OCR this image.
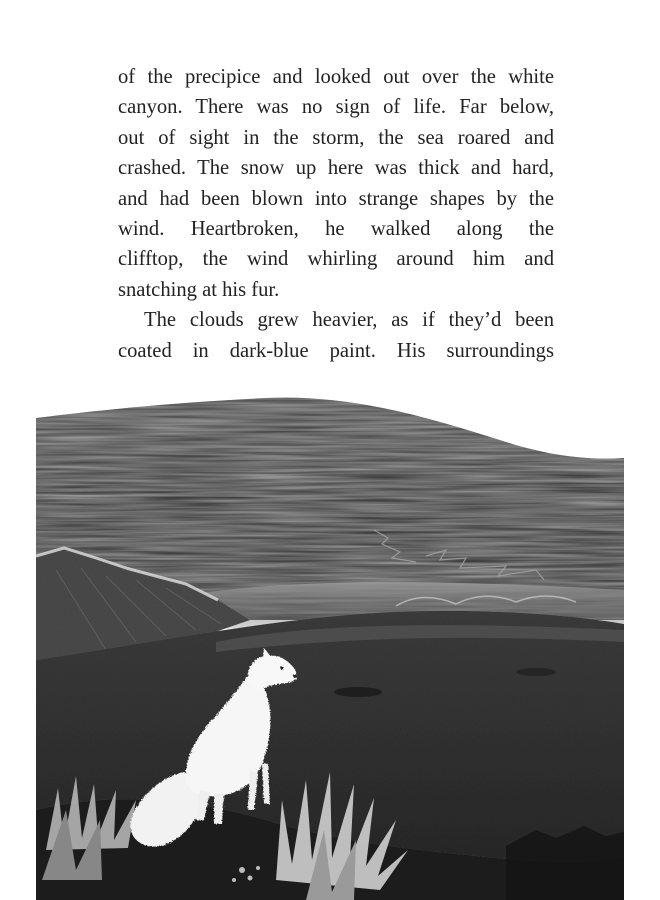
of the precipice and looked out over the white

canyon. There was no sign of life. Far below,

out of sight in the storm, the sea roared and

crashed. The snow up here was thick and hard,

and had been blown into strange shapes by the

wind. Heartbroken, he walked along the

clifftop, the wind whirling around him and

snatching at his fur.

The clouds grew heavier, as if they’d been

coated in dark-blue paint. His surroundings
